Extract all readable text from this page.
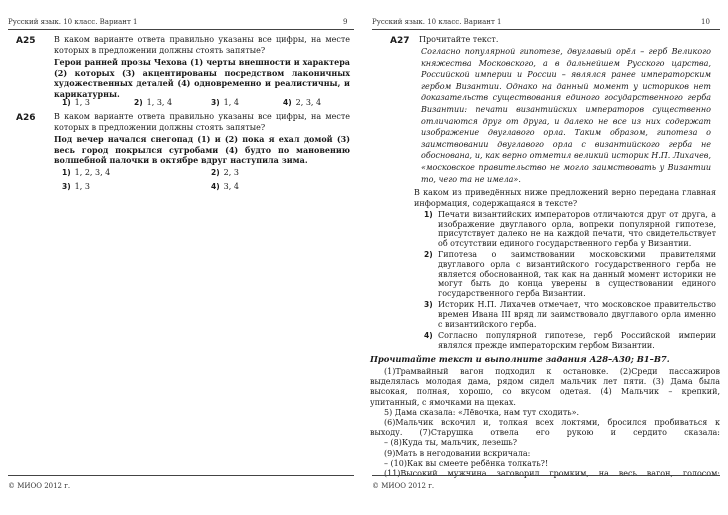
Русский язык. 10 класс. Вариант 1	9
A25 В каком варианте ответа правильно указаны все цифры, на месте которых в предложении должны стоять запятые?
Герои ранней прозы Чехова (1) черты внешности и характера (2) которых (3) акцентированы посредством лаконичных художественных деталей (4) одновременно и реалистичны, и карикатурны.
1) 1, 3	2) 1, 3, 4	3) 1, 4	4) 2, 3, 4
A26 В каком варианте ответа правильно указаны все цифры, на месте которых в предложении должны стоять запятые?
Под вечер начался снегопад (1) и (2) пока я ехал домой (3) весь город покрылся сугробами (4) будто по мановению волшебной палочки в октябре вдруг наступила зима.
1) 1, 2, 3, 4	2) 2, 3
3) 1, 3	4) 3, 4
© МИОО 2012 г.
Русский язык. 10 класс. Вариант 1	10
A27 Прочитайте текст.
Согласно популярной гипотезе, двуглавый орёл – герб Великого
княжества Московского, а в дальнейшем Русского царства,
Российской империи и России – являлся ранее императорским
гербом Византии. Однако на данный момент у историков нет
доказательств существования единого государственного герба
Византии: печати византийских императоров существенно
отличаются друг от друга, и далеко не все из них содержат
изображение двуглавого орла. Таким образом, гипотеза о
заимствовании двуглавого орла с византийского герба не
обоснована, и, как верно отметил великий историк Н.П. Лихачев,
«московское правительство не могло заимствовать у Византии
то, чего та не имела».
В каком из приведённых ниже предложений верно передана главная информация, содержащаяся в тексте?
1) Печати византийских императоров отличаются друг от друга, а изображение двуглавого орла, вопреки популярной гипотезе, присутствует далеко не на каждой печати, что свидетельствует об отсутствии единого государственного герба у Византии.
2) Гипотеза о заимствовании московскими правителями двуглавого орла с византийского государственного герба не является обоснованной, так как на данный момент историки не могут быть до конца уверены в существовании единого государственного герба Византии.
3) Историк Н.П. Лихачев отмечает, что московское правительство времен Ивана III вряд ли заимствовало двуглавого орла именно с византийского герба.
4) Согласно популярной гипотезе, герб Российской империи являлся прежде императорским гербом Византии.
Прочитайте текст и выполните задания А28–А30; В1–В7.
(1)Трамвайный вагон подходил к остановке. (2)Среди пассажиров
выделялась молодая дама, рядом сидел мальчик лет пяти. (3) Дама была
высокая, полная, хорошо, со вкусом одетая. (4) Мальчик – крепкий,
упитанный, с ямочками на щеках.
5) Дама сказала: «Лёвочка, нам тут сходить».
(6)Мальчик вскочил и, толкая всех локтями, бросился пробиваться к
выходу. (7)Старушка отвела его рукою и сердито сказала:
– (8)Куда ты, мальчик, лезешь?
(9)Мать в негодовании вскричала:
– (10)Как вы смеете ребёнка толкать?!
(11)Высокий мужчина заговорил громким, на весь вагон, голосом:
© МИОО 2012 г.
